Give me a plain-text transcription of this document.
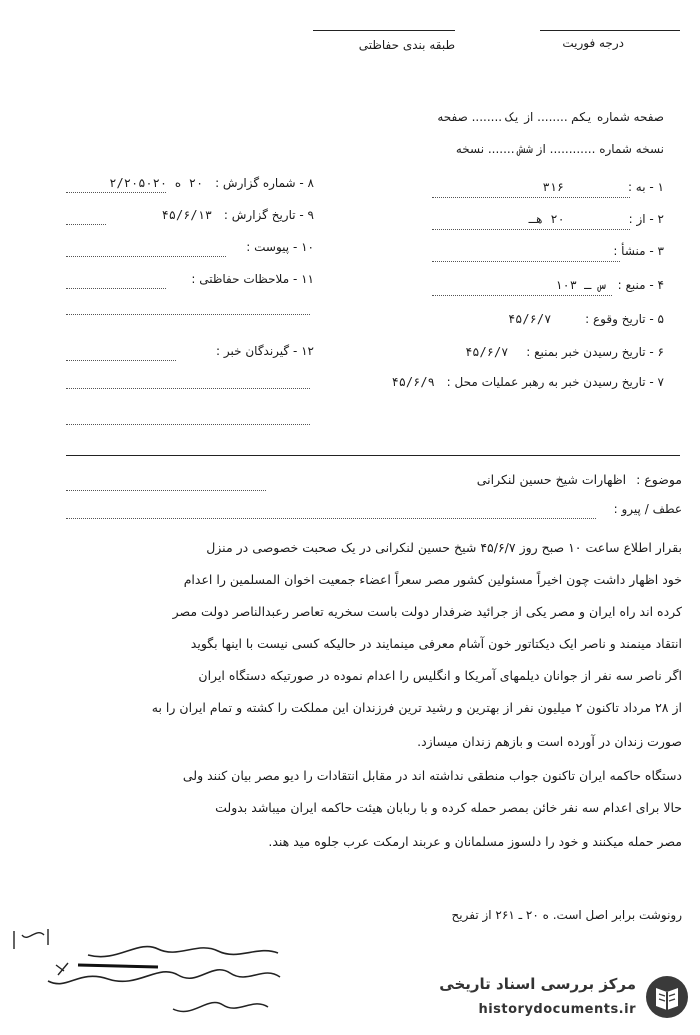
درجه فوریت
طبقه بندی حفاظتی
صفحه شماره یکم ........ از یک ........ صفحه
نسخه شماره ............ از شش ....... نسخه
۱ - به : ۳۱۶
۲ - از : ۲۰ هـ
۳ - منشأ :
۴ - منبع : س ـ ۱۰۳
۵ - تاریخ وقوع : ۴۵/۶/۷
۶ - تاریخ رسیدن خبر بمنبع : ۴۵/۶/۷
۷ - تاریخ رسیدن خبر به رهبر عملیات محل : ۴۵/۶/۹
۸ - شماره گزارش : ۲۰ ه ۲/۲۰۵۰۲۰
۹ - تاریخ گزارش : ۴۵/۶/۱۳
۱۰ - پیوست :
۱۱ - ملاحظات حفاظتی :
۱۲ - گیرندگان خبر :
موضوع : اظهارات شیخ حسین لنکرانی
عطف / پیرو :
بقرار اطلاع ساعت ۱۰ صبح روز ۴۵/۶/۷ شیخ حسین لنکرانی در یک صحبت خصوصی در منزل
خود اظهار داشت چون اخیراً مسئولین کشور مصر سعراً اعضاء جمعیت اخوان المسلمین را اعدام
کرده اند راه ایران و مصر یکی از جرائید ضرفدار دولت باست سخریه تعاصر رعبدالناصر دولت مصر
انتقاد مینمند و ناصر ایک دیکتاتور خون آشام معرفی مینمایند در حالیکه کسی نیست با اینها بگوید
اگر ناصر سه نفر از جوانان دیلمهای آمریکا و انگلیس را اعدام نموده در صورتیکه دستگاه ایران
از ۲۸ مرداد تاکنون ۲ میلیون نفر از بهترین و رشید ترین فرزندان این مملکت را کشته و تمام ایران را به
صورت زندان در آورده است و بازهم زندان میسازد.
دستگاه حاکمه ایران تاکنون جواب منطقی نداشته اند در مقابل انتقادات را دیو مصر بیان کنند ولی
حالا برای اعدام سه نفر خائن بمصر حمله کرده و با ربابان هیئت حاکمه ایران میباشد بدولت
مصر حمله میکنند و خود را دلسوز مسلمانان و عربند ارمکت عرب جلوه مید هند.
رونوشت برابر اصل است. ه ۲۰ ـ ۲۶۱ از تفریح
مرکز بررسی اسناد تاریخی
historydocuments.ir
